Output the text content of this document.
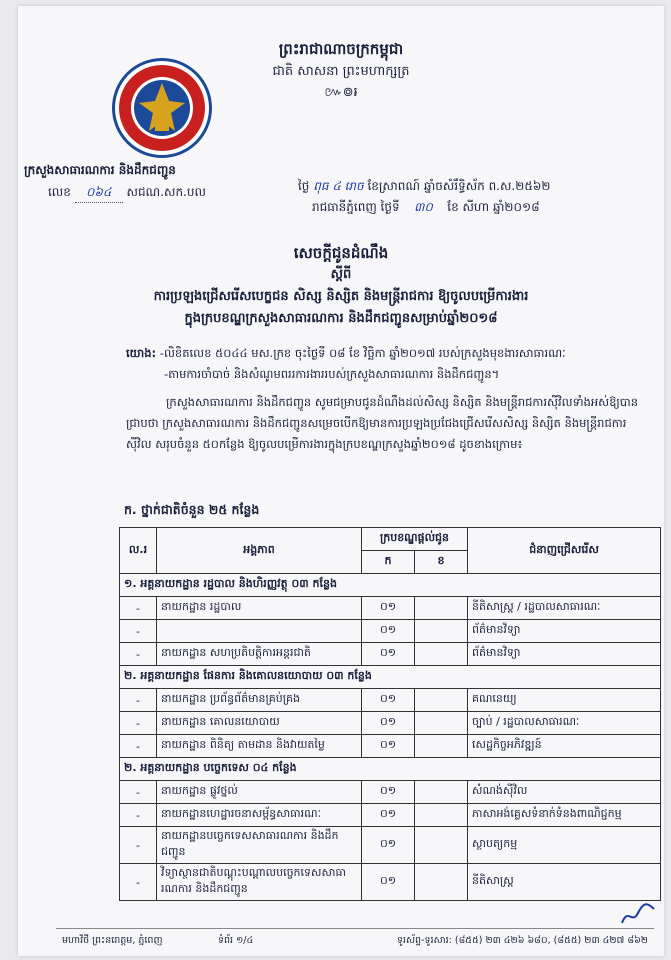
ព្រះរាជាណាចក្រកម្ពុជា
ជាតិ សាសនា ព្រះមហាក្សត្រ
៚៙៛
ក្រសួងសាធារណការ និងដឹកជញ្ជូន
លេខ ០៦៤ សជណ.សក.បល	ថ្ងៃ ពុធ ៤ រោច ខែស្រាពណ៍ ឆ្នាំចសំរឹទ្ធិស័ក ព.ស.២៥៦២
រាជធានីភ្នំពេញ ថ្ងៃទី ៣០ ខែ សីហា ឆ្នាំ២០១៨
សេចក្តីជូនដំណឹង
ស្តីពី
ការប្រឡងជ្រើសរើសបេក្ខជន សិស្ស និស្សិត និងមន្ត្រីរាជការ ឱ្យចូលបម្រើការងារ
ក្នុងក្របខណ្ឌក្រសួងសាធារណការ និងដឹកជញ្ជូនសម្រាប់ឆ្នាំ២០១៨
យោង: -លិខិតលេខ ៥០៤៤ មស.ក្រខ ចុះថ្ងៃទី ០៨ ខែ វិច្ឆិកា ឆ្នាំ២០១៧ របស់ក្រសួងមុខងារសាធារណៈ
-តាមការចាំបាច់ និងសំណូមពររការងាររបស់ក្រសួងសាធារណការ និងដឹកជញ្ជូន។
ក្រសួងសាធារណការ និងដឹកជញ្ជូន សូមជម្រាបជូនដំណឹងដល់សិស្ស និស្សិត និងមន្ត្រីរាជការស៊ីវិលទាំងអស់ឱ្យបានជ្រាបថា ក្រសួងសាធារណការ និងដឹកជញ្ជូនសម្រេចបើកឱ្យមានការប្រឡងប្រជែងជ្រើសរើសសិស្ស និស្សិត និងមន្ត្រីរាជការស៊ីវិល សរុបចំនួន ៥០កន្លែង ឱ្យចូលបម្រើការងារក្នុងក្របខណ្ឌក្រសួងឆ្នាំ២០១៨ ដូចខាងក្រោម៖
ក. ថ្នាក់ជាតិចំនួន ២៥ កន្លែង
ល.រ	អង្គភាព	ក្របខណ្ឌផ្តល់ជូន		ជំនាញជ្រើសរើស
		ក	ខ	
១. អគ្គនាយកដ្ឋាន រដ្ឋបាល និងហិរញ្ញវត្ថុ ០៣ កន្លែង				
-	នាយកដ្ឋាន រដ្ឋបាល	០១		នីតិសាស្ត្រ / រដ្ឋបាលសាធារណៈ
-		០១		ព័ត៌មានវិទ្យា
-	នាយកដ្ឋាន សហប្រតិបត្តិការអន្តរជាតិ	០១		ព័ត៌មានវិទ្យា
២. អគ្គនាយកដ្ឋាន ផែនការ និងគោលនយោបាយ ០៣ កន្លែង				
-	នាយកដ្ឋាន ប្រព័ន្ធព័ត៌មានគ្រប់គ្រង	០១		គណនេយ្យ
-	នាយកដ្ឋាន គោលនយោបាយ	០១		ច្បាប់ / រដ្ឋបាលសាធារណៈ
-	នាយកដ្ឋាន ពិនិត្យ តាមដាន និងវាយតម្លៃ	០១		សេដ្ឋកិច្ចអភិវឌ្ឍន៍
២. អគ្គនាយកដ្ឋាន បច្ចេកទេស ០៤ កន្លែង				
-	នាយកដ្ឋាន ផ្លូវថ្នល់	០១		សំណង់ស៊ីវិល
-	នាយកដ្ឋានហេដ្ឋារចនាសម្ព័ន្ធសាធារណៈ	០១		ភាសាអង់គ្លេសទំនាក់ទំនងពាណិជ្ជកម្ម
-	នាយកដ្ឋានបច្ចេកទេសសាធារណការ និងដឹកជញ្ជូន	០១		ស្ថាបត្យកម្ម
-	វិទ្យាស្ថានជាតិបណ្តុះបណ្តាលបច្ចេកទេសសាធារណការ និងដឹកជញ្ជូន	០១		នីតិសាស្ត្រ
មហាវិថី ព្រះនរោត្តម, ភ្នំពេញ	ទំព័រ ១/៤	ទូរស័ព្ទ-ទូរសារ: (៨៥៥) ២៣ ៤២៦ ៦៨០, (៨៥៥) ២៣ ៤២៧ ៨៦២
